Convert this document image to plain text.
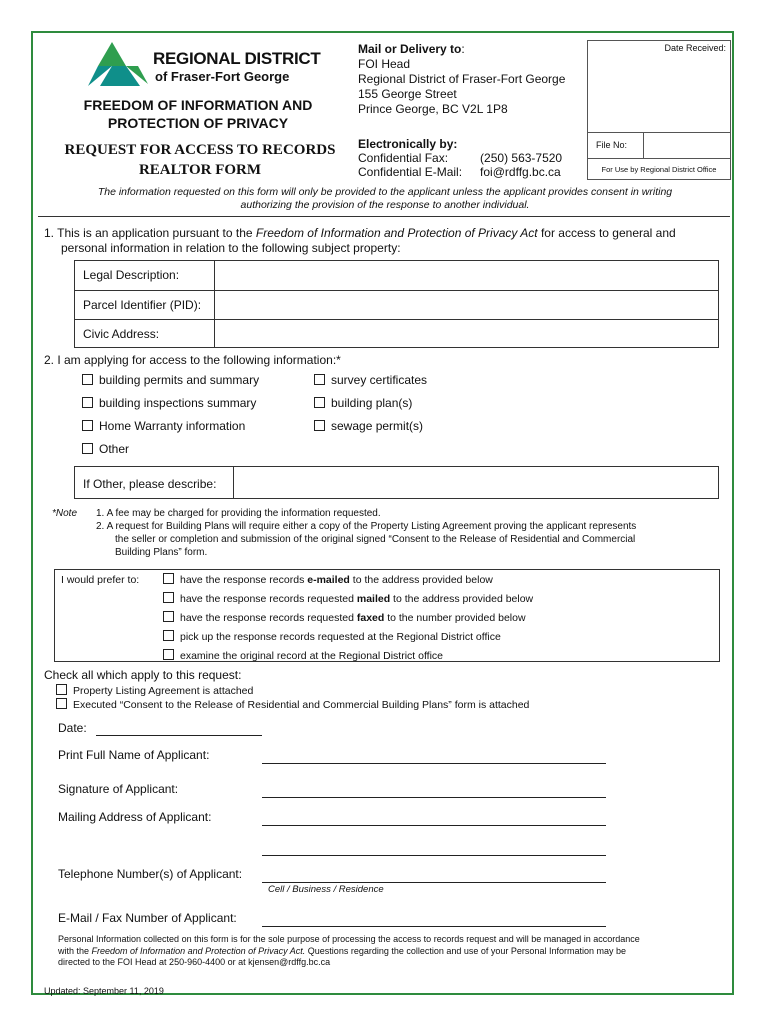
REGIONAL DISTRICT
of Fraser-Fort George
FREEDOM OF INFORMATION AND
PROTECTION OF PRIVACY
REQUEST FOR ACCESS TO RECORDS
REALTOR FORM
Mail or Delivery to:
FOI Head
Regional District of Fraser-Fort George
155 George Street
Prince George, BC V2L 1P8
Electronically by:
Confidential Fax:	(250) 563-7520
Confidential E-Mail:	foi@rdffg.bc.ca
Date Received:
File No:
For Use by Regional District Office
The information requested on this form will only be provided to the applicant unless the applicant provides consent in writing
authorizing the provision of the response to another individual.
1. This is an application pursuant to the Freedom of Information and Protection of Privacy Act for access to general and
personal information in relation to the following subject property:
Legal Description:
Parcel Identifier (PID):
Civic Address:
2. I am applying for access to the following information:*
building permits and summary
building inspections summary
Home Warranty information
Other
survey certificates
building plan(s)
sewage permit(s)
If Other, please describe:
*Note 1. A fee may be charged for providing the information requested.
2. A request for Building Plans will require either a copy of the Property Listing Agreement proving the applicant represents
the seller or completion and submission of the original signed “Consent to the Release of Residential and Commercial
Building Plans” form.
I would prefer to:	have the response records e-mailed to the address provided below
have the response records requested mailed to the address provided below
have the response records requested faxed to the number provided below
pick up the response records requested at the Regional District office
examine the original record at the Regional District office
Check all which apply to this request:
Property Listing Agreement is attached
Executed “Consent to the Release of Residential and Commercial Building Plans” form is attached
Date:
Print Full Name of Applicant:
Signature of Applicant:
Mailing Address of Applicant:
Telephone Number(s) of Applicant:
Cell / Business / Residence
E-Mail / Fax Number of Applicant:
Personal Information collected on this form is for the sole purpose of processing the access to records request and will be managed in accordance
with the Freedom of Information and Protection of Privacy Act. Questions regarding the collection and use of your Personal Information may be
directed to the FOI Head at 250-960-4400 or at kjensen@rdffg.bc.ca
Updated: September 11, 2019
